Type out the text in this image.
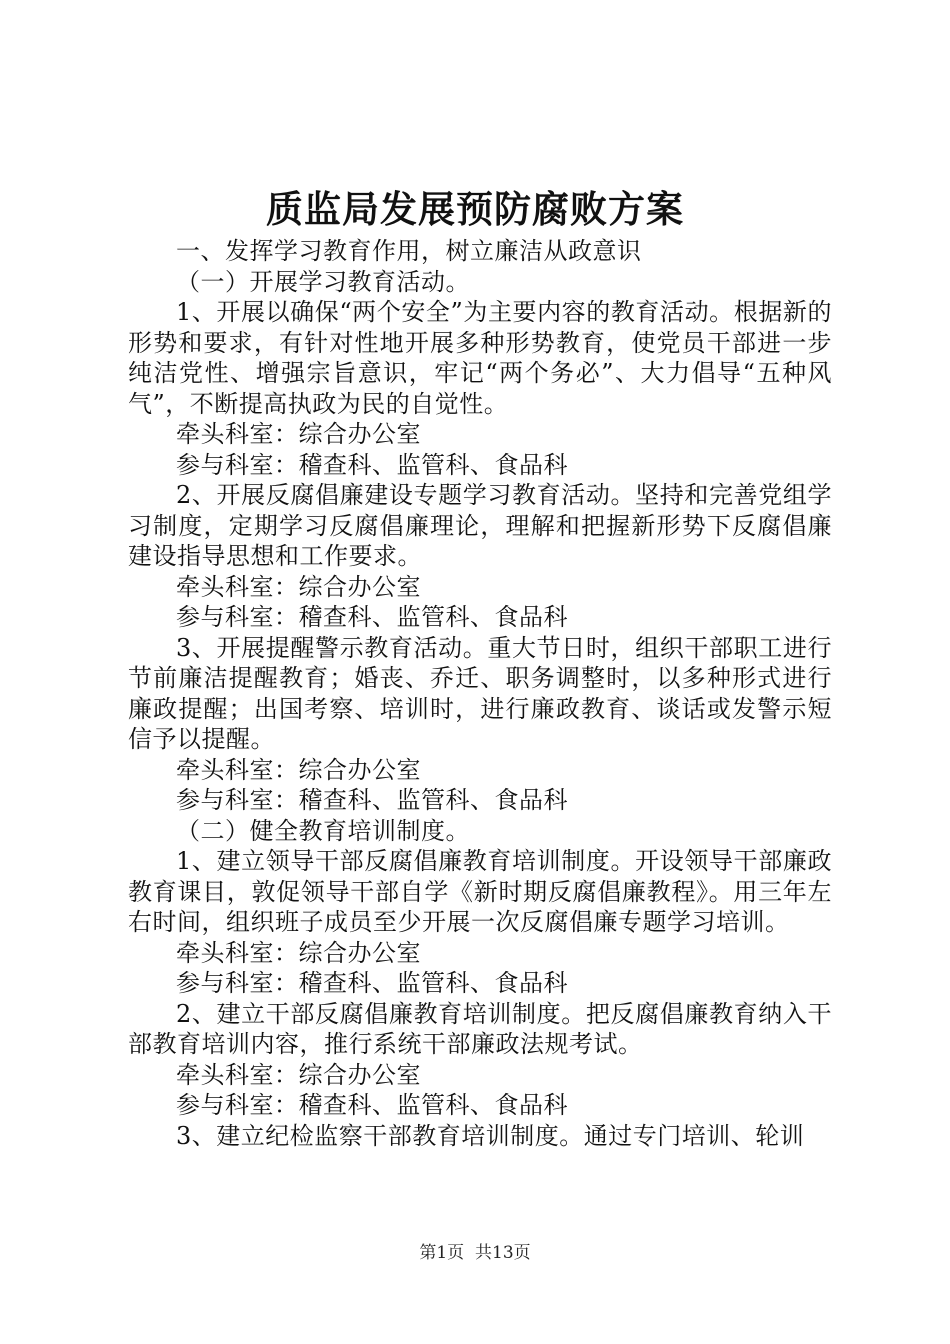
质监局发展预防腐败方案

一、发挥学习教育作用，树立廉洁从政意识

（一）开展学习教育活动。

1、开展以确保“两个安全”为主要内容的教育活动。根据新的形势和要求，有针对性地开展多种形势教育，使党员干部进一步纯洁党性、增强宗旨意识，牢记“两个务必”、大力倡导“五种风气”，不断提高执政为民的自觉性。

牵头科室：综合办公室

参与科室：稽查科、监管科、食品科

2、开展反腐倡廉建设专题学习教育活动。坚持和完善党组学习制度，定期学习反腐倡廉理论，理解和把握新形势下反腐倡廉建设指导思想和工作要求。

牵头科室：综合办公室

参与科室：稽查科、监管科、食品科

3、开展提醒警示教育活动。重大节日时，组织干部职工进行节前廉洁提醒教育；婚丧、乔迁、职务调整时，以多种形式进行廉政提醒；出国考察、培训时，进行廉政教育、谈话或发警示短信予以提醒。

牵头科室：综合办公室

参与科室：稽查科、监管科、食品科

（二）健全教育培训制度。

1、建立领导干部反腐倡廉教育培训制度。开设领导干部廉政教育课目，敦促领导干部自学《新时期反腐倡廉教程》。用三年左右时间，组织班子成员至少开展一次反腐倡廉专题学习培训。

牵头科室：综合办公室

参与科室：稽查科、监管科、食品科

2、建立干部反腐倡廉教育培训制度。把反腐倡廉教育纳入干部教育培训内容，推行系统干部廉政法规考试。

牵头科室：综合办公室

参与科室：稽查科、监管科、食品科

3、建立纪检监察干部教育培训制度。通过专门培训、轮训

第1页 共13页
